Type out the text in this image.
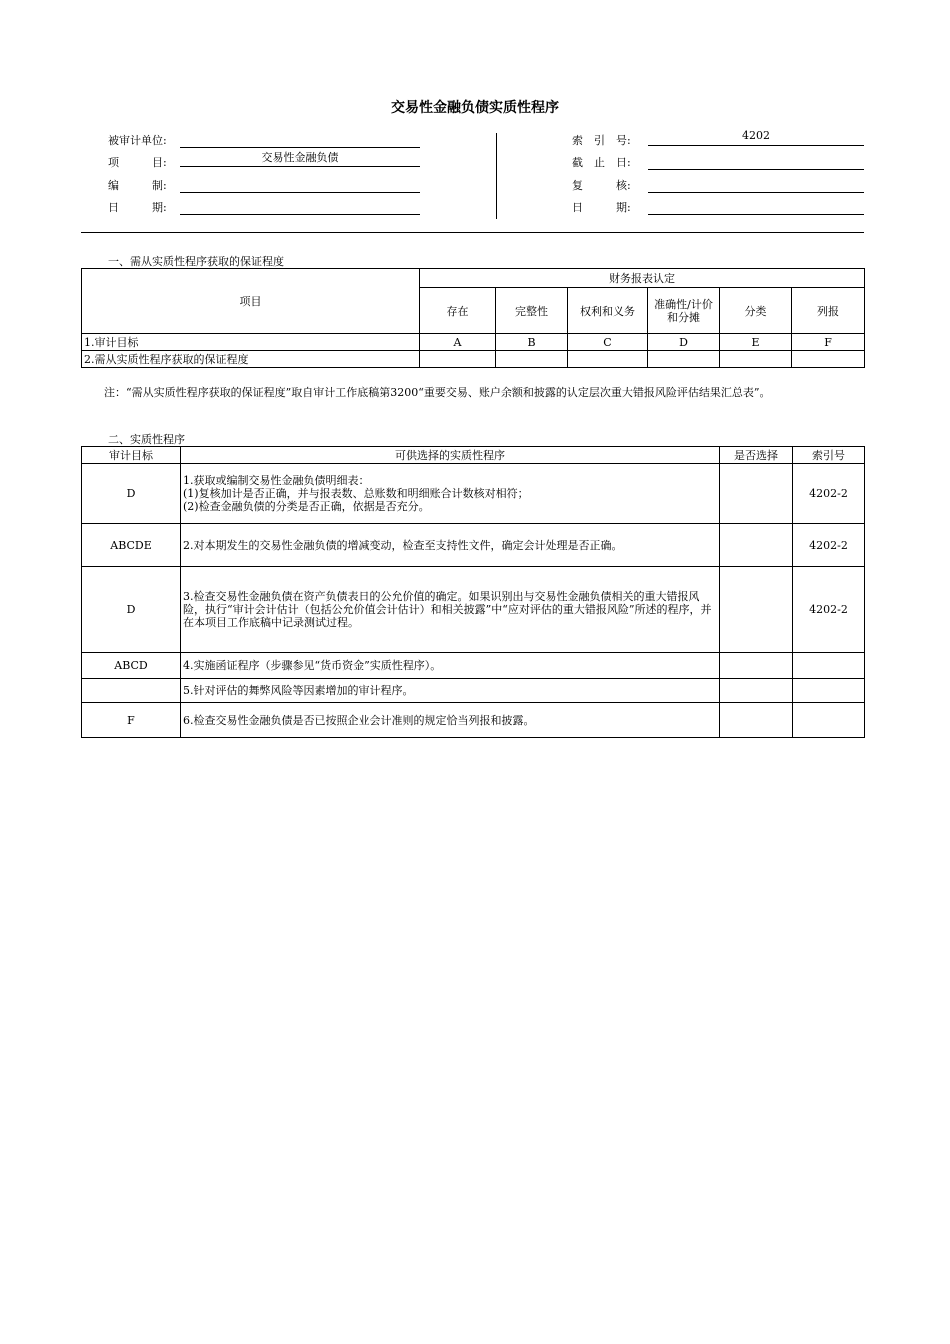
交易性金融负债实质性程序
被审计单位:
项　　　目:	交易性金融负债
编　　　制:
日　　　期:
索　引　号:	4202
截　止　日:
复　　　核:
日　　　期:
一、需从实质性程序获取的保证程度
项目	财务报表认定					
	存在	完整性	权利和义务	准确性/计价和分摊	分类	列报
1.审计目标	A	B	C	D	E	F
2.需从实质性程序获取的保证程度						
注：“需从实质性程序获取的保证程度”取自审计工作底稿第3200“重要交易、账户余额和披露的认定层次重大错报风险评估结果汇总表”。
二、实质性程序
审计目标	可供选择的实质性程序	是否选择	索引号
D	1.获取或编制交易性金融负债明细表：
(1)复核加计是否正确，并与报表数、总账数和明细账合计数核对相符；
(2)检查金融负债的分类是否正确，依据是否充分。		4202-2
ABCDE	2.对本期发生的交易性金融负债的增减变动，检查至支持性文件，确定会计处理是否正确。		4202-2
D	3.检查交易性金融负债在资产负债表日的公允价值的确定。如果识别出与交易性金融负债相关的重大错报风险，执行“审计会计估计（包括公允价值会计估计）和相关披露”中“应对评估的重大错报风险”所述的程序，并在本项目工作底稿中记录测试过程。		4202-2
ABCD	4.实施函证程序（步骤参见“货币资金”实质性程序）。		
	5.针对评估的舞弊风险等因素增加的审计程序。		
F	6.检查交易性金融负债是否已按照企业会计准则的规定恰当列报和披露。		
